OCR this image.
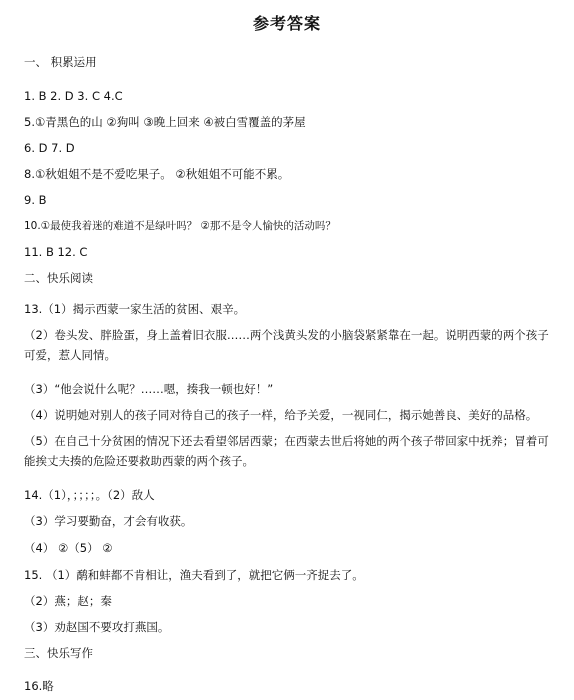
参考答案
一、 积累运用
1. B 2. D 3. C 4.C
5.①青黑色的山 ②狗叫 ③晚上回来 ④被白雪覆盖的茅屋
6. D 7. D
8.①秋姐姐不是不爱吃果子。 ②秋姐姐不可能不累。
9. B
10.①最使我着迷的难道不是绿叶吗？ ②那不是令人愉快的活动吗？
11. B 12. C
二、快乐阅读
13.（1）揭示西蒙一家生活的贫困、艰辛。
（2）卷头发、胖脸蛋，身上盖着旧衣服……两个浅黄头发的小脑袋紧紧靠在一起。说明西蒙的两个孩子可爱，惹人同情。
（3）“他会说什么呢？……嗯，揍我一顿也好！”
（4）说明她对别人的孩子同对待自己的孩子一样，给予关爱，一视同仁，揭示她善良、美好的品格。
（5）在自己十分贫困的情况下还去看望邻居西蒙；在西蒙去世后将她的两个孩子带回家中抚养；冒着可能挨丈夫揍的危险还要救助西蒙的两个孩子。
14.（1），；；；；。（2）敌人
（3）学习要勤奋，才会有收获。
（4） ②（5） ②
15. （1）鹬和蚌都不肯相让，渔夫看到了，就把它俩一齐捉去了。
（2）燕；赵；秦
（3）劝赵国不要攻打燕国。
三、快乐写作
16.略
